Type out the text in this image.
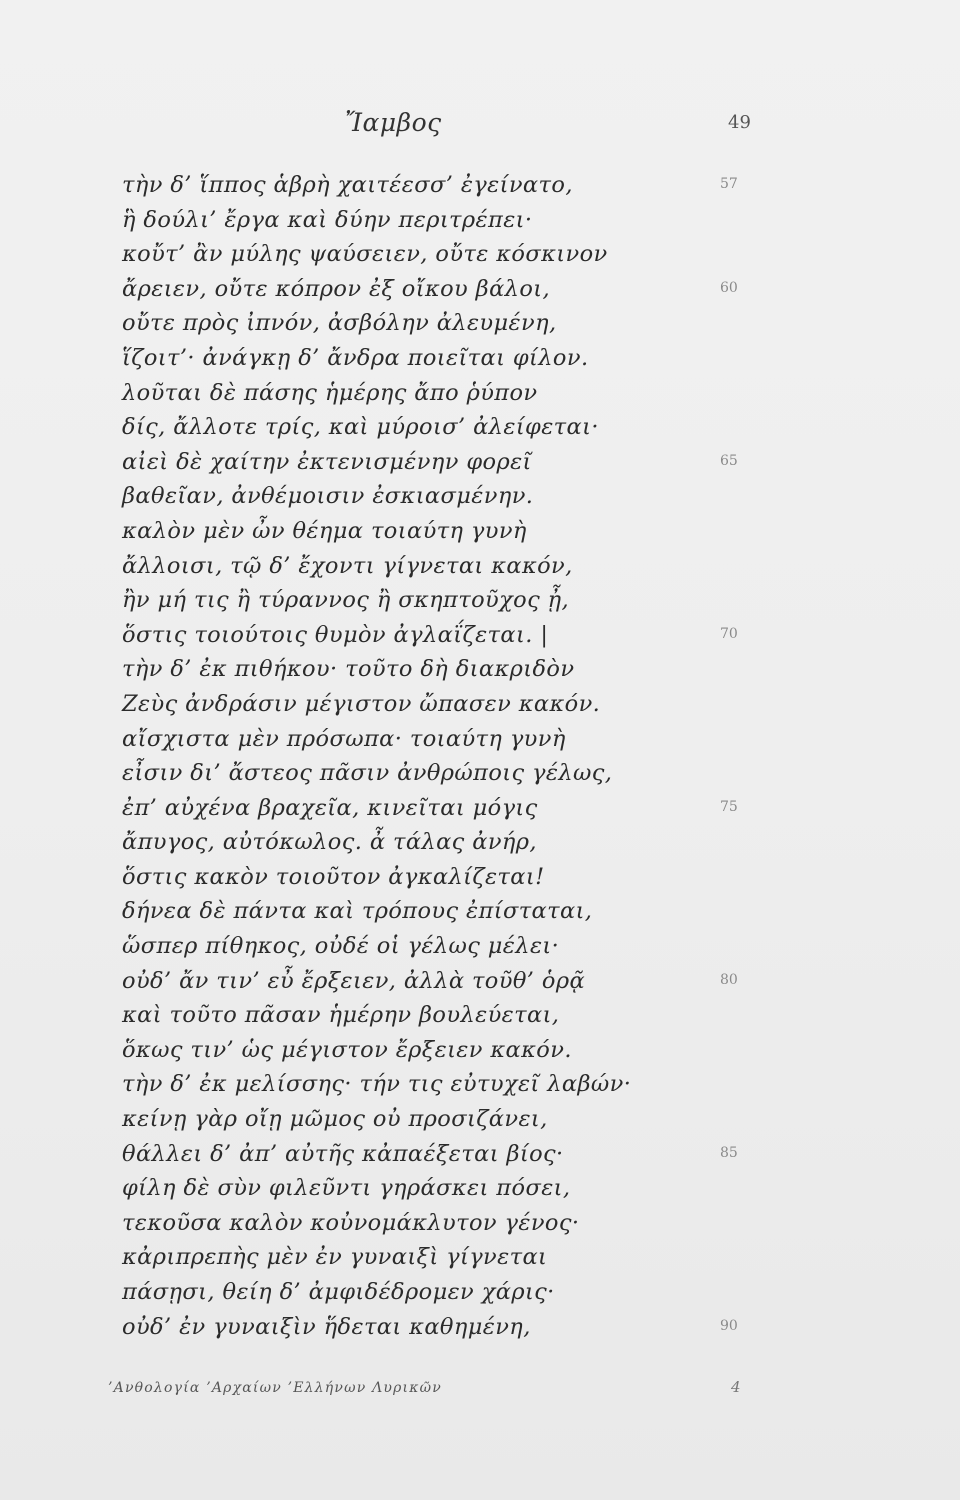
Ἴαμβος	49
τὴν δ’ ἵππος ἁβρὴ χαιτέεσσ’ ἐγείνατο,	57
ἣ δούλι’ ἔργα καὶ δύην περιτρέπει·
κοὔτ’ ἂν μύλης ψαύσειεν, οὔτε κόσκινον
ἄρειεν, οὔτε κόπρον ἐξ οἴκου βάλοι,	60
οὔτε πρὸς ἰπνόν, ἀσβόλην ἀλευμένη,
ἵζοιτ’· ἀνάγκῃ δ’ ἄνδρα ποιεῖται φίλον.
λοῦται δὲ πάσης ἡμέρης ἄπο ῥύπον
δίς, ἄλλοτε τρίς, καὶ μύροισ’ ἀλείφεται·
αἰεὶ δὲ χαίτην ἐκτενισμένην φορεῖ	65
βαθεῖαν, ἀνθέμοισιν ἐσκιασμένην.
καλὸν μὲν ὦν θέημα τοιαύτη γυνὴ
ἄλλοισι, τῷ δ’ ἔχοντι γίγνεται κακόν,
ἢν μή τις ἢ τύραννος ἢ σκηπτοῦχος ᾖ,
ὅστις τοιούτοις θυμὸν ἀγλαΐζεται. |	70
τὴν δ’ ἐκ πιθήκου· τοῦτο δὴ διακριδὸν
Ζεὺς ἀνδράσιν μέγιστον ὤπασεν κακόν.
αἴσχιστα μὲν πρόσωπα· τοιαύτη γυνὴ
εἶσιν δι’ ἄστεος πᾶσιν ἀνθρώποις γέλως,
ἐπ’ αὐχένα βραχεῖα, κινεῖται μόγις	75
ἄπυγος, αὐτόκωλος. ἆ τάλας ἀνήρ,
ὅστις κακὸν τοιοῦτον ἀγκαλίζεται!
δήνεα δὲ πάντα καὶ τρόπους ἐπίσταται,
ὥσπερ πίθηκος, οὐδέ οἱ γέλως μέλει·
οὐδ’ ἄν τιν’ εὖ ἔρξειεν, ἀλλὰ τοῦθ’ ὁρᾷ	80
καὶ τοῦτο πᾶσαν ἡμέρην βουλεύεται,
ὅκως τιν’ ὡς μέγιστον ἔρξειεν κακόν.
τὴν δ’ ἐκ μελίσσης· τήν τις εὐτυχεῖ λαβών·
κείνῃ γὰρ οἴῃ μῶμος οὐ προσιζάνει,
θάλλει δ’ ἀπ’ αὐτῆς κἀπαέξεται βίος·	85
φίλη δὲ σὺν φιλεῦντι γηράσκει πόσει,
τεκοῦσα καλὸν κοὐνομάκλυτον γένος·
κἀριπρεπὴς μὲν ἐν γυναιξὶ γίγνεται
πάσῃσι, θείη δ’ ἀμφιδέδρομεν χάρις·
οὐδ’ ἐν γυναιξὶν ἥδεται καθημένη,	90
’Ανθολογία ’Αρχαίων ’Ελλήνων Λυρικῶν	4
